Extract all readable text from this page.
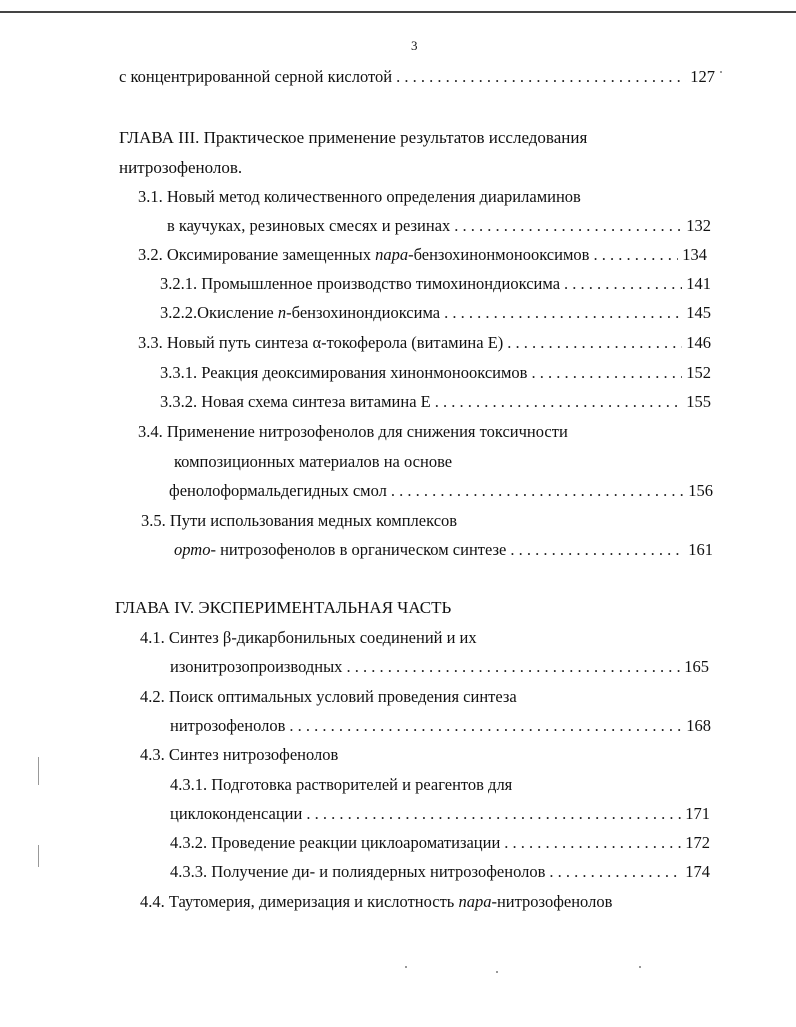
3
с концентрированной серной кислотой . . .	127
ГЛАВА III. Практическое применение результатов исследования
нитрозофенолов.
3.1. Новый метод количественного определения диариламинов
в каучуках, резиновых смесях и резинах . . .	132
3.2. Оксимирование замещенных пара-бензохинонмонооксимов . . .	134
3.2.1. Промышленное производство тимохинондиоксима . . .	141
3.2.2.Окисление n-бензохинондиоксима . . .	145
3.3. Новый путь синтеза α-токоферола (витамина Е) . . .	146
3.3.1. Реакция деоксимирования хинонмонооксимов . . .	152
3.3.2. Новая схема синтеза витамина Е . . .	155
3.4. Применение нитрозофенолов для снижения токсичности
композиционных материалов на основе
фенолоформальдегидных смол . . .	156
3.5. Пути использования медных комплексов
орто- нитрозофенолов в органическом синтезе . . .	161
ГЛАВА IV. ЭКСПЕРИМЕНТАЛЬНАЯ ЧАСТЬ
4.1. Синтез β-дикарбонильных соединений и их
изонитрозопроизводных . . .	165
4.2. Поиск оптимальных условий проведения синтеза
нитрозофенолов . . .	168
4.3. Синтез нитрозофенолов
4.3.1. Подготовка растворителей и реагентов для
циклоконденсации . . .	171
4.3.2. Проведение реакции циклоароматизации . . .	172
4.3.3. Получение ди- и полиядерных нитрозофенолов . . .	174
4.4. Таутомерия, димеризация и кислотность пара-нитрозофенолов
